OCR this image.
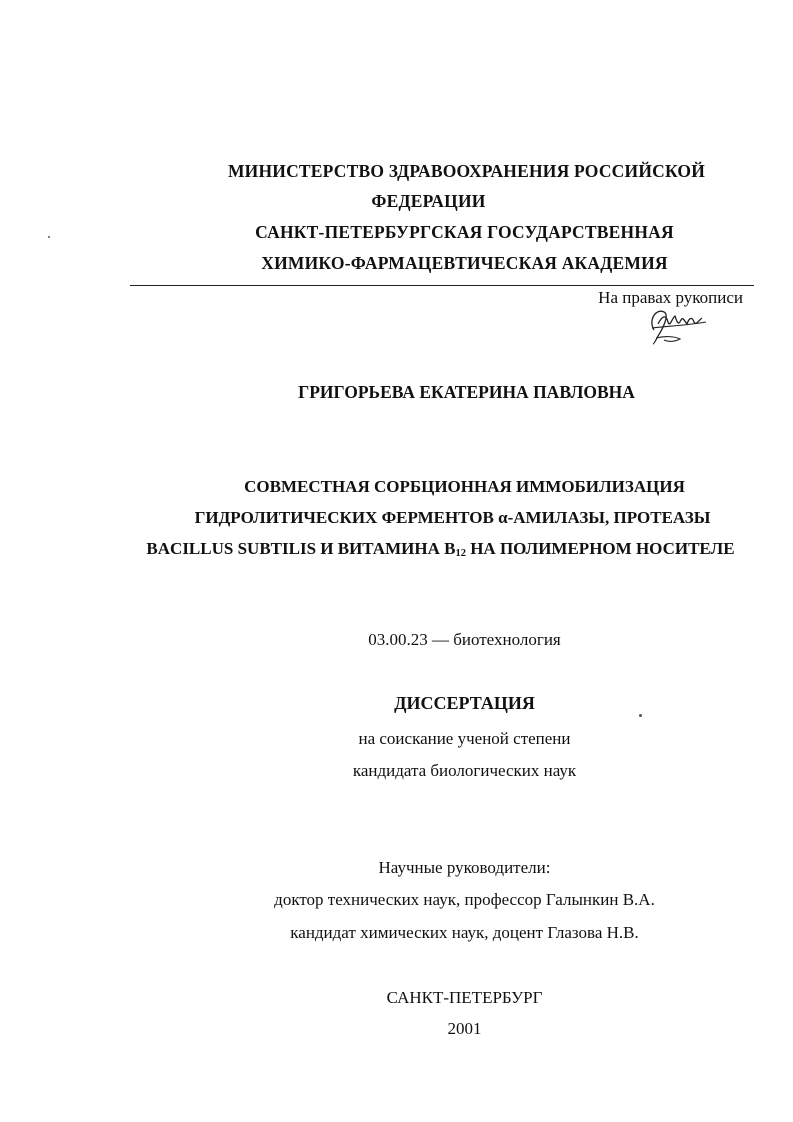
МИНИСТЕРСТВО ЗДРАВООХРАНЕНИЯ РОССИЙСКОЙ
ФЕДЕРАЦИИ
САНКТ-ПЕТЕРБУРГСКАЯ ГОСУДАРСТВЕННАЯ
ХИМИКО-ФАРМАЦЕВТИЧЕСКАЯ АКАДЕМИЯ
На правах рукописи
ГРИГОРЬЕВА ЕКАТЕРИНА ПАВЛОВНА
СОВМЕСТНАЯ СОРБЦИОННАЯ ИММОБИЛИЗАЦИЯ
ГИДРОЛИТИЧЕСКИХ ФЕРМЕНТОВ α-АМИЛАЗЫ, ПРОТЕАЗЫ
BACILLUS SUBTILIS И ВИТАМИНА $B_{12}$ НА ПОЛИМЕРНОМ НОСИТЕЛЕ
03.00.23 — биотехнология
ДИССЕРТАЦИЯ
на соискание ученой степени
кандидата биологических наук
Научные руководители:
доктор технических наук, профессор Галынкин В.А.
кандидат химических наук, доцент Глазова Н.В.
САНКТ-ПЕТЕРБУРГ
2001
